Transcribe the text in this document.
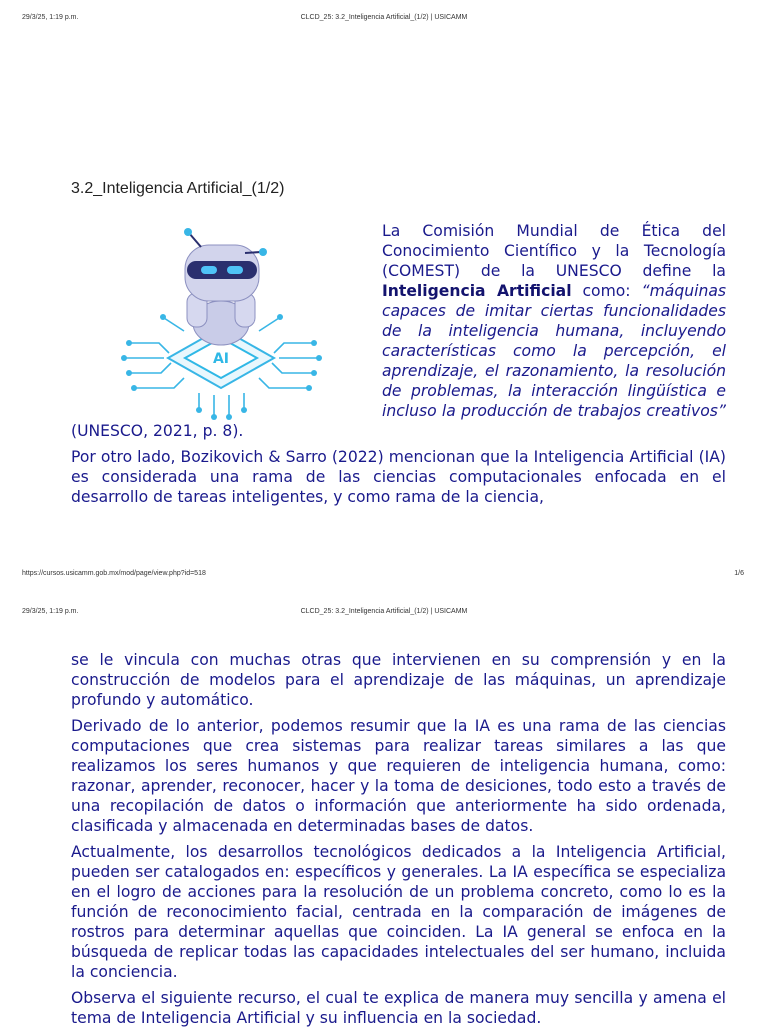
29/3/25, 1:19 p.m.	CLCD_25: 3.2_Inteligencia Artificial_(1/2) | USICAMM
3.2_Inteligencia Artificial_(1/2)
AI

La Comisión Mundial de Ética del Conocimiento Científico y la Tecnología (COMEST) de la UNESCO define la Inteligencia Artificial como: “máquinas capaces de imitar ciertas funcionalidades de la inteligencia humana, incluyendo características como la percepción, el aprendizaje, el razonamiento, la resolución de problemas, la interacción lingüística e incluso la producción de trabajos creativos” (UNESCO, 2021, p. 8).

Por otro lado, Bozikovich & Sarro (2022) mencionan que la Inteligencia Artificial (IA) es considerada una rama de las ciencias computacionales enfocada en el desarrollo de tareas inteligentes, y como rama de la ciencia,

https://cursos.usicamm.gob.mx/mod/page/view.php?id=518	1/6
29/3/25, 1:19 p.m.	CLCD_25: 3.2_Inteligencia Artificial_(1/2) | USICAMM

se le vincula con muchas otras que intervienen en su comprensión y en la construcción de modelos para el aprendizaje de las máquinas, un aprendizaje profundo y automático.

Derivado de lo anterior, podemos resumir que la IA es una rama de las ciencias computaciones que crea sistemas para realizar tareas similares a las que realizamos los seres humanos y que requieren de inteligencia humana, como: razonar, aprender, reconocer, hacer y la toma de desiciones, todo esto a través de una recopilación de datos o información que anteriormente ha sido ordenada, clasificada y almacenada en determinadas bases de datos.

Actualmente, los desarrollos tecnológicos dedicados a la Inteligencia Artificial, pueden ser catalogados en: específicos y generales. La IA específica se especializa en el logro de acciones para la resolución de un problema concreto, como lo es la función de reconocimiento facial, centrada en la comparación de imágenes de rostros para determinar aquellas que coinciden. La IA general se enfoca en la búsqueda de replicar todas las capacidades intelectuales del ser humano, incluida la conciencia.

Observa el siguiente recurso, el cual te explica de manera muy sencilla y amena el tema de Inteligencia Artificial y su influencia en la sociedad.
